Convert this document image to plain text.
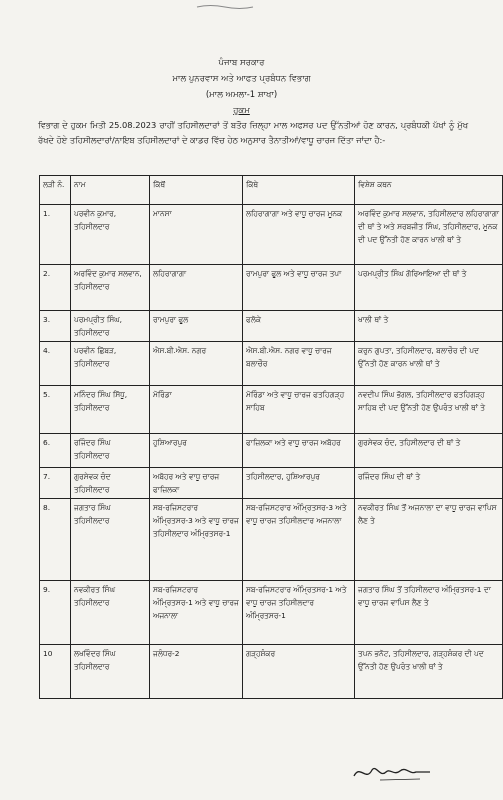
ਪੰਜਾਬ ਸਰਕਾਰ
ਮਾਲ ਪੁਨਰਵਾਸ ਅਤੇ ਆਫਤ ਪ੍ਰਬੰਧਨ ਵਿਭਾਗ
(ਮਾਲ ਅਮਲਾ-1 ਸ਼ਾਖਾ)
ਹੁਕਮ
ਵਿਭਾਗ ਦੇ ਹੁਕਮ ਮਿਤੀ 25.08.2023 ਰਾਹੀਂ ਤਹਿਸੀਲਦਾਰਾਂ ਤੋਂ ਬਤੌਰ ਜ਼ਿਲ੍ਹਾ ਮਾਲ ਅਫਸਰ ਪਦ ਉੱਨਤੀਆਂ ਹੋਣ ਕਾਰਨ, ਪ੍ਰਬੰਧਕੀ ਪੱਖਾਂ ਨੂੰ ਮੁੱਖ ਰੱਖਦੇ ਹੋਏ ਤਹਿਸੀਲਦਾਰਾਂ/ਨਾਇਬ ਤਹਿਸੀਲਦਾਰਾਂ ਦੇ ਕਾਡਰ ਵਿੱਚ ਹੇਠ ਅਨੁਸਾਰ ਤੈਨਾਤੀਆਂ/ਵਾਧੂ ਚਾਰਜ ਦਿੱਤਾ ਜਾਂਦਾ ਹੈ:-
ਲੜੀ ਨੰ.	ਨਾਮ	ਕਿੱਥੋਂ	ਕਿੱਥੇ	ਵਿਸ਼ੇਸ਼ ਕਥਨ
1.	ਪਰਵੀਨ ਕੁਮਾਰ, ਤਹਿਸੀਲਦਾਰ	ਮਾਨਸਾ	ਲਹਿਰਾਗਾਗਾ ਅਤੇ ਵਾਧੂ ਚਾਰਜ ਮੂਨਕ	ਅਰਵਿੰਦ ਕੁਮਾਰ ਸਲਵਾਨ, ਤਹਿਸੀਲਦਾਰ ਲਹਿਰਾਗਾਗਾ ਦੀ ਥਾਂ ਤੇ ਅਤੇ ਸਰਬਜੀਤ ਸਿੰਘ, ਤਹਿਸੀਲਦਾਰ, ਮੂਨਕ ਦੀ ਪਦ ਉੱਨਤੀ ਹੋਣ ਕਾਰਨ ਖਾਲੀ ਥਾਂ ਤੇ
2.	ਅਰਵਿੰਦ ਕੁਮਾਰ ਸਲਵਾਨ, ਤਹਿਸੀਲਦਾਰ	ਲਹਿਰਾਗਾਗਾ	ਰਾਮਪੁਰਾ ਫੂਲ ਅਤੇ ਵਾਧੂ ਚਾਰਜ ਤਪਾ	ਪਰਮਪ੍ਰੀਤ ਸਿੰਘ ਗੋਰਿਆਇਆ ਦੀ ਥਾਂ ਤੇ
3.	ਪਰਮਪ੍ਰੀਤ ਸਿੰਘ, ਤਹਿਸੀਲਦਾਰ	ਰਾਮਪੁਰਾ ਫੂਲ	ਫਲੋਕੇ	ਖਾਲੀ ਥਾਂ ਤੇ
4.	ਪਰਵੀਨ ਛਿੱਬੜ, ਤਹਿਸੀਲਦਾਰ	ਐਸ.ਬੀ.ਐਸ. ਨਗਰ	ਐਸ.ਬੀ.ਐਸ. ਨਗਰ ਵਾਧੂ ਚਾਰਜ ਬਲਾਚੌਰ	ਕਰੁਨ ਗੁਪਤਾ, ਤਹਿਸੀਲਦਾਰ, ਬਲਾਚੌਰ ਦੀ ਪਦ ਉੱਨਤੀ ਹੋਣ ਕਾਰਨ ਖਾਲੀ ਥਾਂ ਤੇ
5.	ਮਨਿੰਦਰ ਸਿੰਘ ਸਿੱਧੂ, ਤਹਿਸੀਲਦਾਰ	ਮੋਰਿੰਡਾ	ਮੋਰਿੰਡਾ ਅਤੇ ਵਾਧੂ ਚਾਰਜ ਫਤਹਿਗੜ੍ਹ ਸਾਹਿਬ	ਨਵਦੀਪ ਸਿੰਘ ਭੋਗਲ, ਤਹਿਸੀਲਦਾਰ ਫਤਹਿਗੜ੍ਹ ਸਾਹਿਬ ਦੀ ਪਦ ਉੱਨਤੀ ਹੋਣ ਉਪਰੰਤ ਖਾਲੀ ਥਾਂ ਤੇ
6.	ਰਜਿੰਦਰ ਸਿੰਘ ਤਹਿਸੀਲਦਾਰ	ਹੁਸ਼ਿਆਰਪੁਰ	ਫਾਜ਼ਿਲਕਾ ਅਤੇ ਵਾਧੂ ਚਾਰਜ ਅਬੋਹਰ	ਗੁਰਸੇਵਕ ਚੰਦ, ਤਹਿਸੀਲਦਾਰ ਦੀ ਥਾਂ ਤੇ
7.	ਗੁਰਸੇਵਕ ਚੰਦ ਤਹਿਸੀਲਦਾਰ	ਅਬੋਹਰ ਅਤੇ ਵਾਧੂ ਚਾਰਜ ਫਾਜ਼ਿਲਕਾ	ਤਹਿਸੀਲਦਾਰ, ਹੁਸ਼ਿਆਰਪੁਰ	ਰਜਿੰਦਰ ਸਿੰਘ ਦੀ ਥਾਂ ਤੇ
8.	ਜਗਤਾਰ ਸਿੰਘ ਤਹਿਸੀਲਦਾਰ	ਸਬ-ਰਜਿਸਟਰਾਰ ਅੰਮ੍ਰਿਤਸਰ-3 ਅਤੇ ਵਾਧੂ ਚਾਰਜ ਤਹਿਸੀਲਦਾਰ ਅੰਮ੍ਰਿਤਸਰ-1	ਸਬ-ਰਜਿਸਟਰਾਰ ਅੰਮ੍ਰਿਤਸਰ-3 ਅਤੇ ਵਾਧੂ ਚਾਰਜ ਤਹਿਸੀਲਦਾਰ ਅਜਨਾਲਾ	ਨਵਕੀਰਤ ਸਿੰਘ ਤੋਂ ਅਜਨਾਲਾ ਦਾ ਵਾਧੂ ਚਾਰਜ ਵਾਪਿਸ ਲੈਣ ਤੇ
9.	ਨਵਕੀਰਤ ਸਿੰਘ ਤਹਿਸੀਲਦਾਰ	ਸਬ-ਰਜਿਸਟਰਾਰ ਅੰਮ੍ਰਿਤਸਰ-1 ਅਤੇ ਵਾਧੂ ਚਾਰਜ ਅਜਨਾਲਾ	ਸਬ-ਰਜਿਸਟਰਾਰ ਅੰਮ੍ਰਿਤਸਰ-1 ਅਤੇ ਵਾਧੂ ਚਾਰਜ ਤਹਿਸੀਲਦਾਰ ਅੰਮ੍ਰਿਤਸਰ-1	ਜਗਤਾਰ ਸਿੰਘ ਤੋਂ ਤਹਿਸੀਲਦਾਰ ਅੰਮ੍ਰਿਤਸਰ-1 ਦਾ ਵਾਧੂ ਚਾਰਜ ਵਾਪਿਸ ਲੈਣ ਤੇ
10	ਲਖਵਿੰਦਰ ਸਿੰਘ ਤਹਿਸੀਲਦਾਰ	ਜਲੰਧਰ-2	ਗੜ੍ਹਸ਼ੰਕਰ	ਤਪਨ ਭਨੋਟ, ਤਹਿਸੀਲਦਾਰ, ਗੜ੍ਹਸ਼ੰਕਰ ਦੀ ਪਦ ਉੱਨਤੀ ਹੋਣ ਉਪਰੰਤ ਖਾਲੀ ਥਾਂ ਤੇ
